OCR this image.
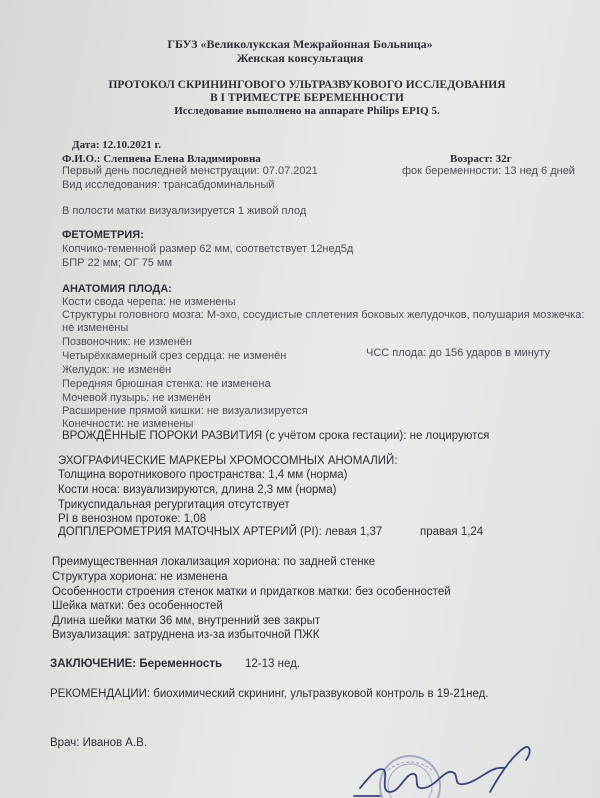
ГБУЗ «Великолукская Межрайонная Больница»
Женская консультация
ПРОТОКОЛ СКРИНИНГОВОГО УЛЬТРАЗВУКОВОГО ИССЛЕДОВАНИЯ
В I ТРИМЕСТРЕ БЕРЕМЕННОСТИ
Исследование выполнено на аппарате Philips EPIQ 5.
Дата: 12.10.2021 г.
Ф.И.О.: Слепнева Елена Владимировна	Возраст: 32г
Первый день последней менструации: 07.07.2021	фок беременности: 13 нед 6 дней
Вид исследования: трансабдоминальный
В полости матки визуализируется 1 живой плод
ФЕТОМЕТРИЯ:
Копчико-теменной размер 62 мм, соответствует 12нед5д
БПР 22 мм; ОГ 75 мм
АНАТОМИЯ ПЛОДА:
Кости свода черепа: не изменены
Структуры головного мозга: М-эхо, сосудистые сплетения боковых желудочков, полушария мозжечка:
не изменены
Позвоночник: не изменён
Четырёхкамерный срез сердца: не изменён	ЧСС плода: до 156 ударов в минуту
Желудок: не изменён
Передняя брюшная стенка: не изменена
Мочевой пузырь: не изменён
Расширение прямой кишки: не визуализируется
Конечности: не изменены
ВРОЖДЁННЫЕ ПОРОКИ РАЗВИТИЯ (с учётом срока гестации): не лоцируются
ЭХОГРАФИЧЕСКИЕ МАРКЕРЫ ХРОМОСОМНЫХ АНОМАЛИЙ:
Толщина воротникового пространства: 1,4 мм (норма)
Кости носа: визуализируются, длина 2,3 мм (норма)
Трикуспидальная регургитация отсутствует
PI в венозном протоке: 1,08
ДОППЛЕРОМЕТРИЯ МАТОЧНЫХ АРТЕРИЙ (PI): левая 1,37	правая 1,24
Преимущественная локализация хориона: по задней стенке
Структура хориона: не изменена
Особенности строения стенок матки и придатков матки: без особенностей
Шейка матки: без особенностей
Длина шейки матки 36 мм, внутренний зев закрыт
Визуализация: затруднена из-за избыточной ПЖК
ЗАКЛЮЧЕНИЕ: Беременность 12-13 нед.
РЕКОМЕНДАЦИИ: биохимический скрининг, ультразвуковой контроль в 19-21нед.
Врач: Иванов А.В.
